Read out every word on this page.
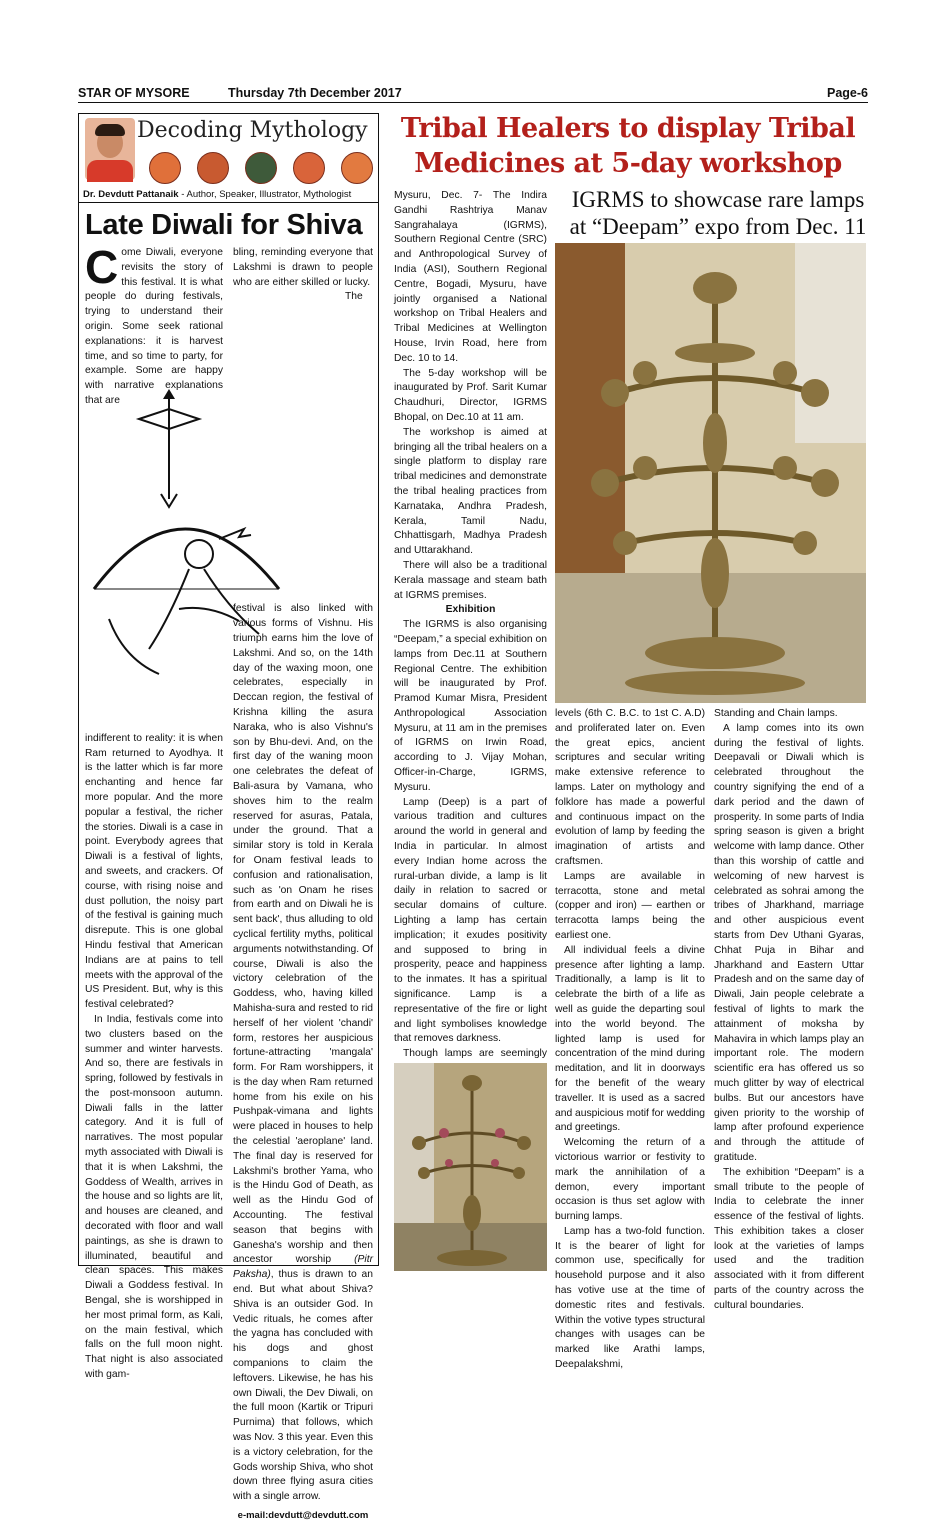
STAR OF MYSORE	Thursday 7th December 2017	Page-6
Decoding Mythology
Dr. Devdutt Pattanaik - Author, Speaker, Illustrator, Mythologist
Late Diwali for Shiva

Come Diwali, everyone revisits the story of this festival. It is what people do during festivals, trying to understand their origin. Some seek rational explanations: it is harvest time, and so time to party, for example. Some are happy with narrative explanations that are

indifferent to reality: it is when Ram returned to Ayodhya. It is the latter which is far more enchanting and hence far more popular. And the more popular a festival, the richer the stories. Diwali is a case in point. Everybody agrees that Diwali is a festival of lights, and sweets, and crackers. Of course, with rising noise and dust pollution, the noisy part of the festival is gaining much disrepute. This is one global Hindu festival that American Indians are at pains to tell meets with the approval of the US President. But, why is this festival celebrated?

In India, festivals come into two clusters based on the summer and winter harvests. And so, there are festivals in spring, followed by festivals in the post-monsoon autumn. Diwali falls in the latter category. And it is full of narratives. The most popular myth associated with Diwali is that it is when Lakshmi, the Goddess of Wealth, arrives in the house and so lights are lit, and houses are cleaned, and decorated with floor and wall paintings, as she is drawn to illuminated, beautiful and clean spaces. This makes Diwali a Goddess festival. In Bengal, she is worshipped in her most primal form, as Kali, on the main festival, which falls on the full moon night. That night is also associated with gam-

bling, reminding everyone that Lakshmi is drawn to people who are either skilled or lucky.

The festival is also linked with various forms of Vishnu. His triumph earns him the love of Lakshmi. And so, on the 14th day of the waxing moon, one celebrates, especially in Deccan region, the festival of Krishna killing the asura Naraka, who is also Vishnu's son by Bhu-devi. And, on the first day of the waning moon one celebrates the defeat of Bali-asura by Vamana, who shoves him to the realm reserved for asuras, Patala, under the ground. That a similar story is told in Kerala for Onam festival leads to confusion and rationalisation, such as 'on Onam he rises from earth and on Diwali he is sent back', thus alluding to old cyclical fertility myths, political arguments notwithstanding. Of course, Diwali is also the victory celebration of the Goddess, who, having killed Mahisha-sura and rested to rid herself of her violent 'chandi' form, restores her auspicious fortune-attracting 'mangala' form. For Ram worshippers, it is the day when Ram returned home from his exile on his Pushpak-vimana and lights were placed in houses to help the celestial 'aeroplane' land. The final day is reserved for Lakshmi's brother Yama, who is the Hindu God of Death, as well as the Hindu God of Accounting. The festival season that begins with Ganesha's worship and then ancestor worship (Pitr Paksha), thus is drawn to an end. But what about Shiva? Shiva is an outsider God. In Vedic rituals, he comes after the yagna has concluded with his dogs and ghost companions to claim the leftovers. Likewise, he has his own Diwali, the Dev Diwali, on the full moon (Kartik or Tripuri Purnima) that follows, which was Nov. 3 this year. Even this is a victory celebration, for the Gods worship Shiva, who shot down three flying asura cities with a single arrow.

e-mail:devdutt@devdutt.com

Tribal Healers to display Tribal Medicines at 5-day workshop
IGRMS to showcase rare lamps
at “Deepam” expo from Dec. 11

Mysuru, Dec. 7- The Indira Gandhi Rashtriya Manav Sangrahalaya (IGRMS), Southern Regional Centre (SRC) and Anthropological Survey of India (ASI), Southern Regional Centre, Bogadi, Mysuru, have jointly organised a National workshop on Tribal Healers and Tribal Medicines at Wellington House, Irvin Road, here from Dec. 10 to 14.

The 5-day workshop will be inaugurated by Prof. Sarit Kumar Chaudhuri, Director, IGRMS Bhopal, on Dec.10 at 11 am.

The workshop is aimed at bringing all the tribal healers on a single platform to display rare tribal medicines and demonstrate the tribal healing practices from Karnataka, Andhra Pradesh, Kerala, Tamil Nadu, Chhattisgarh, Madhya Pradesh and Uttarakhand.

There will also be a traditional Kerala massage and steam bath at IGRMS premises.

Exhibition

The IGRMS is also organising “Deepam,” a special exhibition on lamps from Dec.11 at Southern Regional Centre. The exhibition will be inaugurated by Prof. Pramod Kumar Misra, President Anthropological Association Mysuru, at 11 am in the premises of IGRMS on Irwin Road, according to J. Vijay Mohan, Officer-in-Charge, IGRMS, Mysuru.

Lamp (Deep) is a part of various tradition and cultures around the world in general and India in particular. In almost every Indian home across the rural-urban divide, a lamp is lit daily in relation to sacred or secular domains of culture. Lighting a lamp has certain implication; it exudes positivity and supposed to bring in prosperity, peace and happiness to the inmates. It has a spiritual significance. Lamp is a representative of the fire or light and light symbolises knowledge that removes darkness.

Though lamps are seemingly

levels (6th C. B.C. to 1st C. A.D) and proliferated later on. Even the great epics, ancient scriptures and secular writing make extensive reference to lamps. Later on mythology and folklore has made a powerful and continuous impact on the evolution of lamp by feeding the imagination of artists and craftsmen.

Lamps are available in terracotta, stone and metal (copper and iron) — earthen or terracotta lamps being the earliest one.

All individual feels a divine presence after lighting a lamp. Traditionally, a lamp is lit to celebrate the birth of a life as well as guide the departing soul into the world beyond. The lighted lamp is used for concentration of the mind during meditation, and lit in doorways for the benefit of the weary traveller. It is used as a sacred and auspicious motif for wedding and greetings.

Welcoming the return of a victorious warrior or festivity to mark the annihilation of a demon, every important occasion is thus set aglow with burning lamps.

Lamp has a two-fold function. It is the bearer of light for common use, specifically for household purpose and it also has votive use at the time of domestic rites and festivals. Within the votive types structural changes with usages can be marked like Arathi lamps, Deepalakshmi,

Standing and Chain lamps.

A lamp comes into its own during the festival of lights. Deepavali or Diwali which is celebrated throughout the country signifying the end of a dark period and the dawn of prosperity. In some parts of India spring season is given a bright welcome with lamp dance. Other than this worship of cattle and welcoming of new harvest is celebrated as sohrai among the tribes of Jharkhand, marriage and other auspicious event starts from Dev Uthani Gyaras, Chhat Puja in Bihar and Jharkhand and Eastern Uttar Pradesh and on the same day of Diwali, Jain people celebrate a festival of lights to mark the attainment of moksha by Mahavira in which lamps play an important role. The modern scientific era has offered us so much glitter by way of electrical bulbs. But our ancestors have given priority to the worship of lamp after profound experience and through the attitude of gratitude.

The exhibition “Deepam” is a small tribute to the people of India to celebrate the inner essence of the festival of lights. This exhibition takes a closer look at the varieties of lamps used and the tradition associated with it from different parts of the country across the cultural boundaries.
